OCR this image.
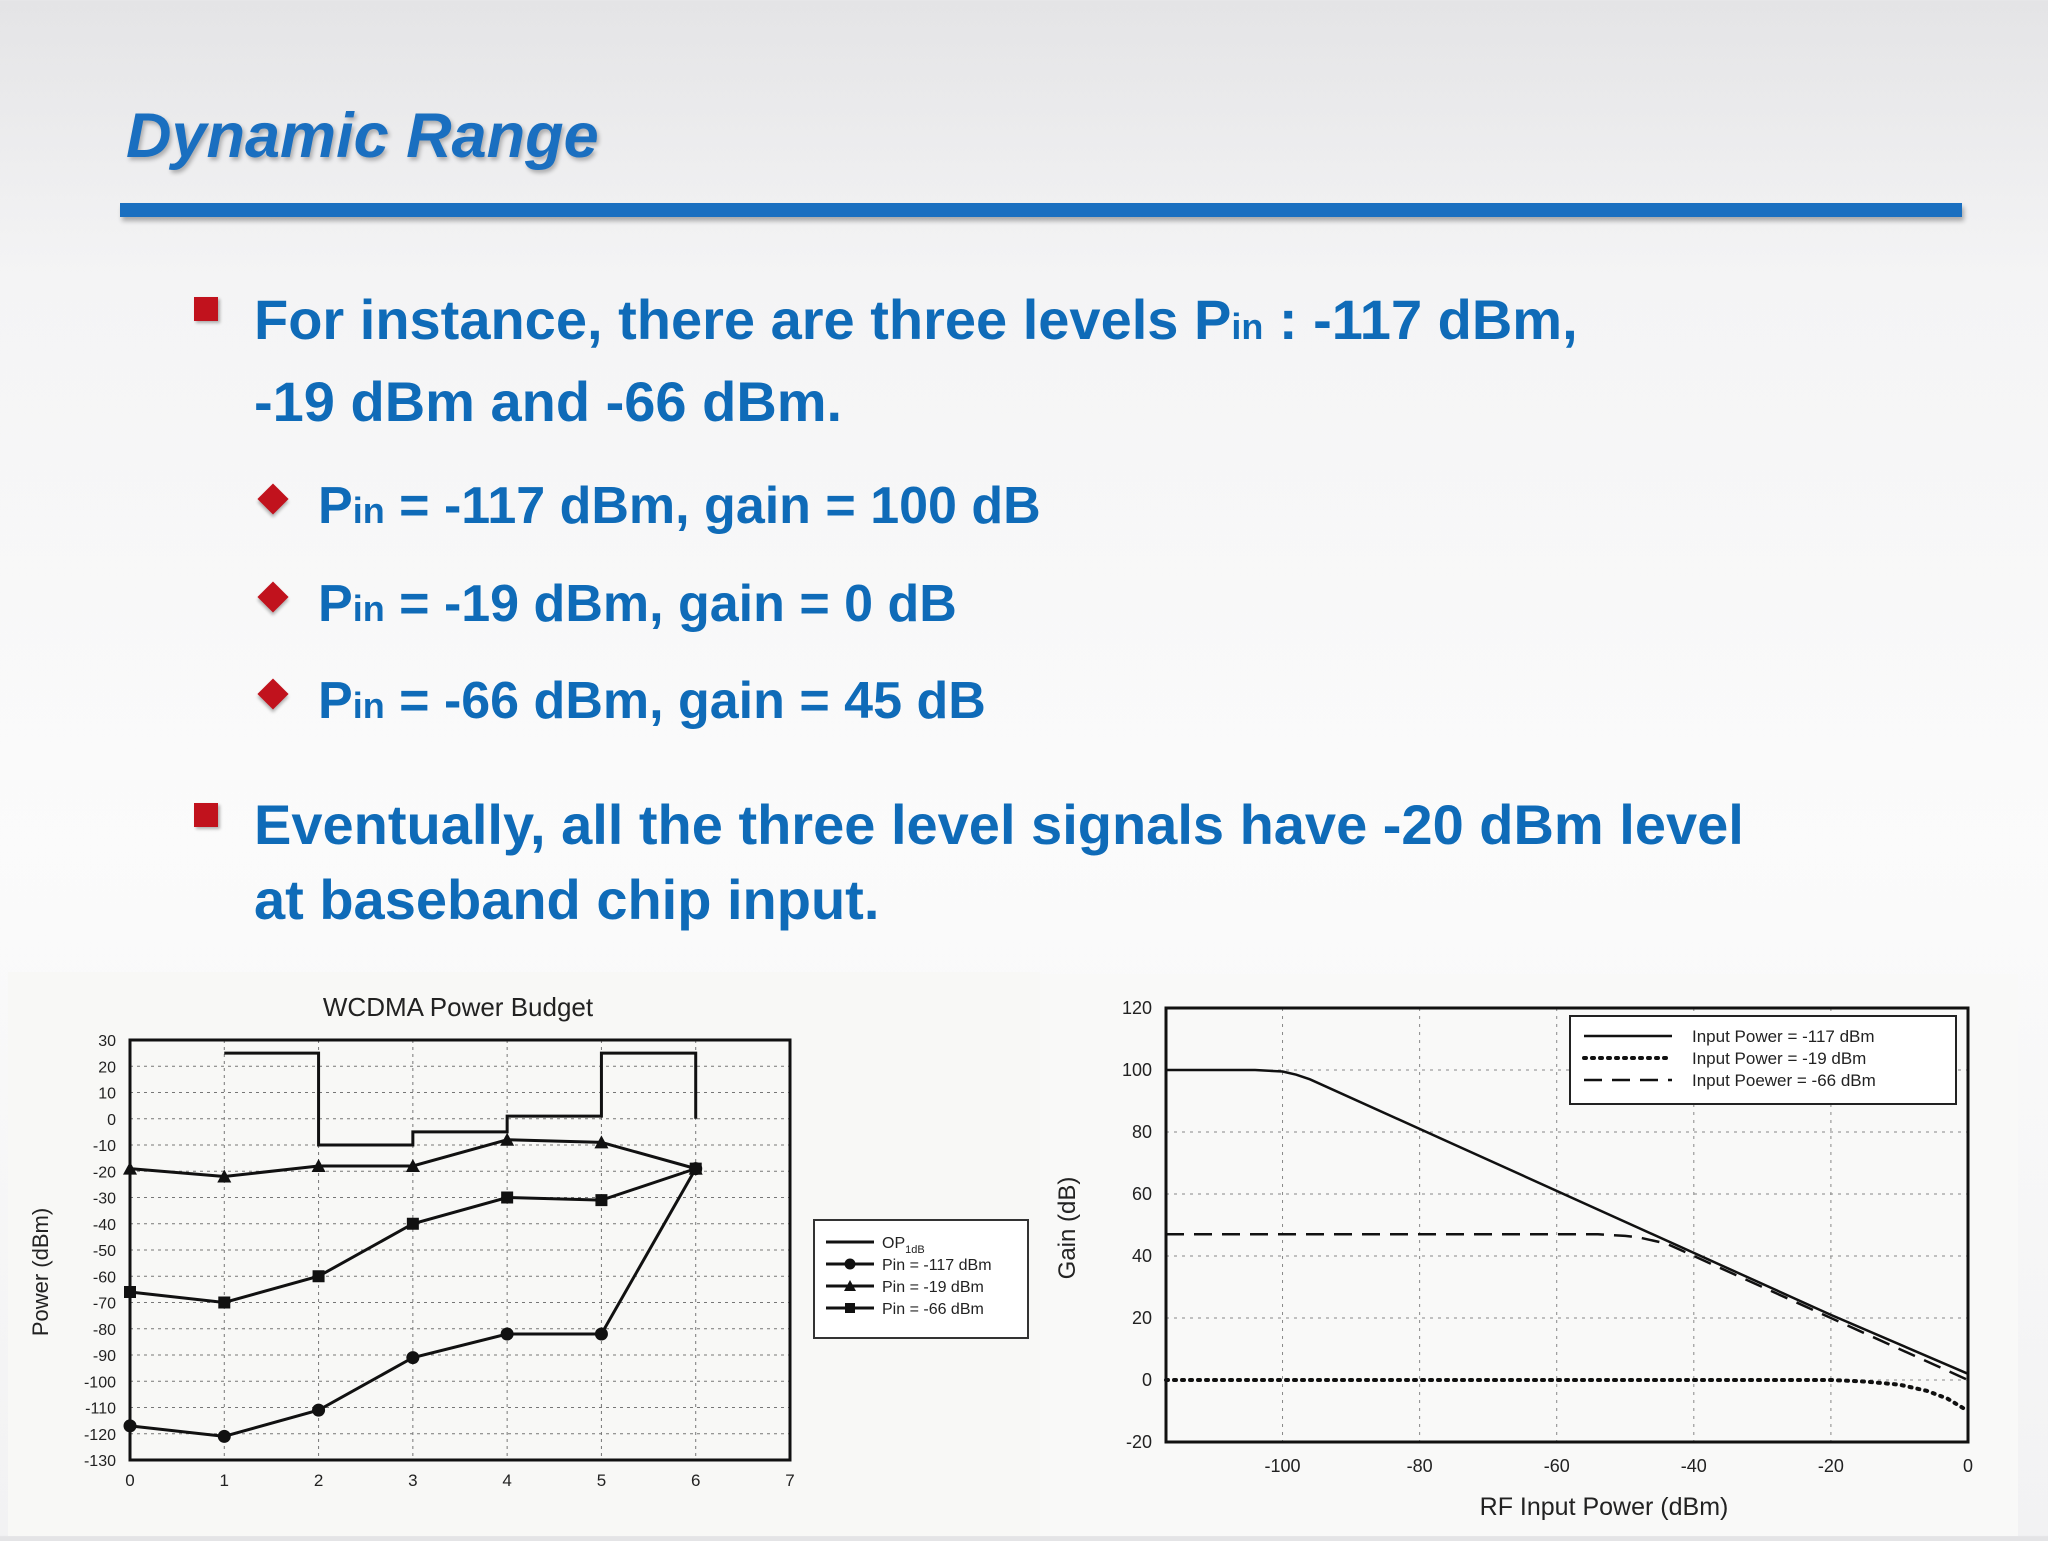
Dynamic Range
For instance, there are three levels Pin : -117 dBm,
-19 dBm and -66 dBm.
Pin = -117 dBm, gain = 100 dB
Pin = -19 dBm, gain = 0 dB
Pin = -66 dBm, gain = 45 dB
Eventually, all the three level signals have -20 dBm level
at baseband chip input.
WCDMA Power Budget
Power (dBm)
0	1	2	3	4	5	6	7
30
20
10
0
-10
-20
-30
-40
-50
-60
-70
-80
-90
-100
-110
-120
-130
$OP_{1dB}$
Pin = -117 dBm
Pin = -19 dBm
Pin = -66 dBm
Gain (dB)
RF Input Power (dBm)
-100	-80	-60	-40	-20	0
120
100
80
60
40
20
0
-20
Input Power = -117 dBm
Input Power = -19 dBm
Input Poewer = -66 dBm
